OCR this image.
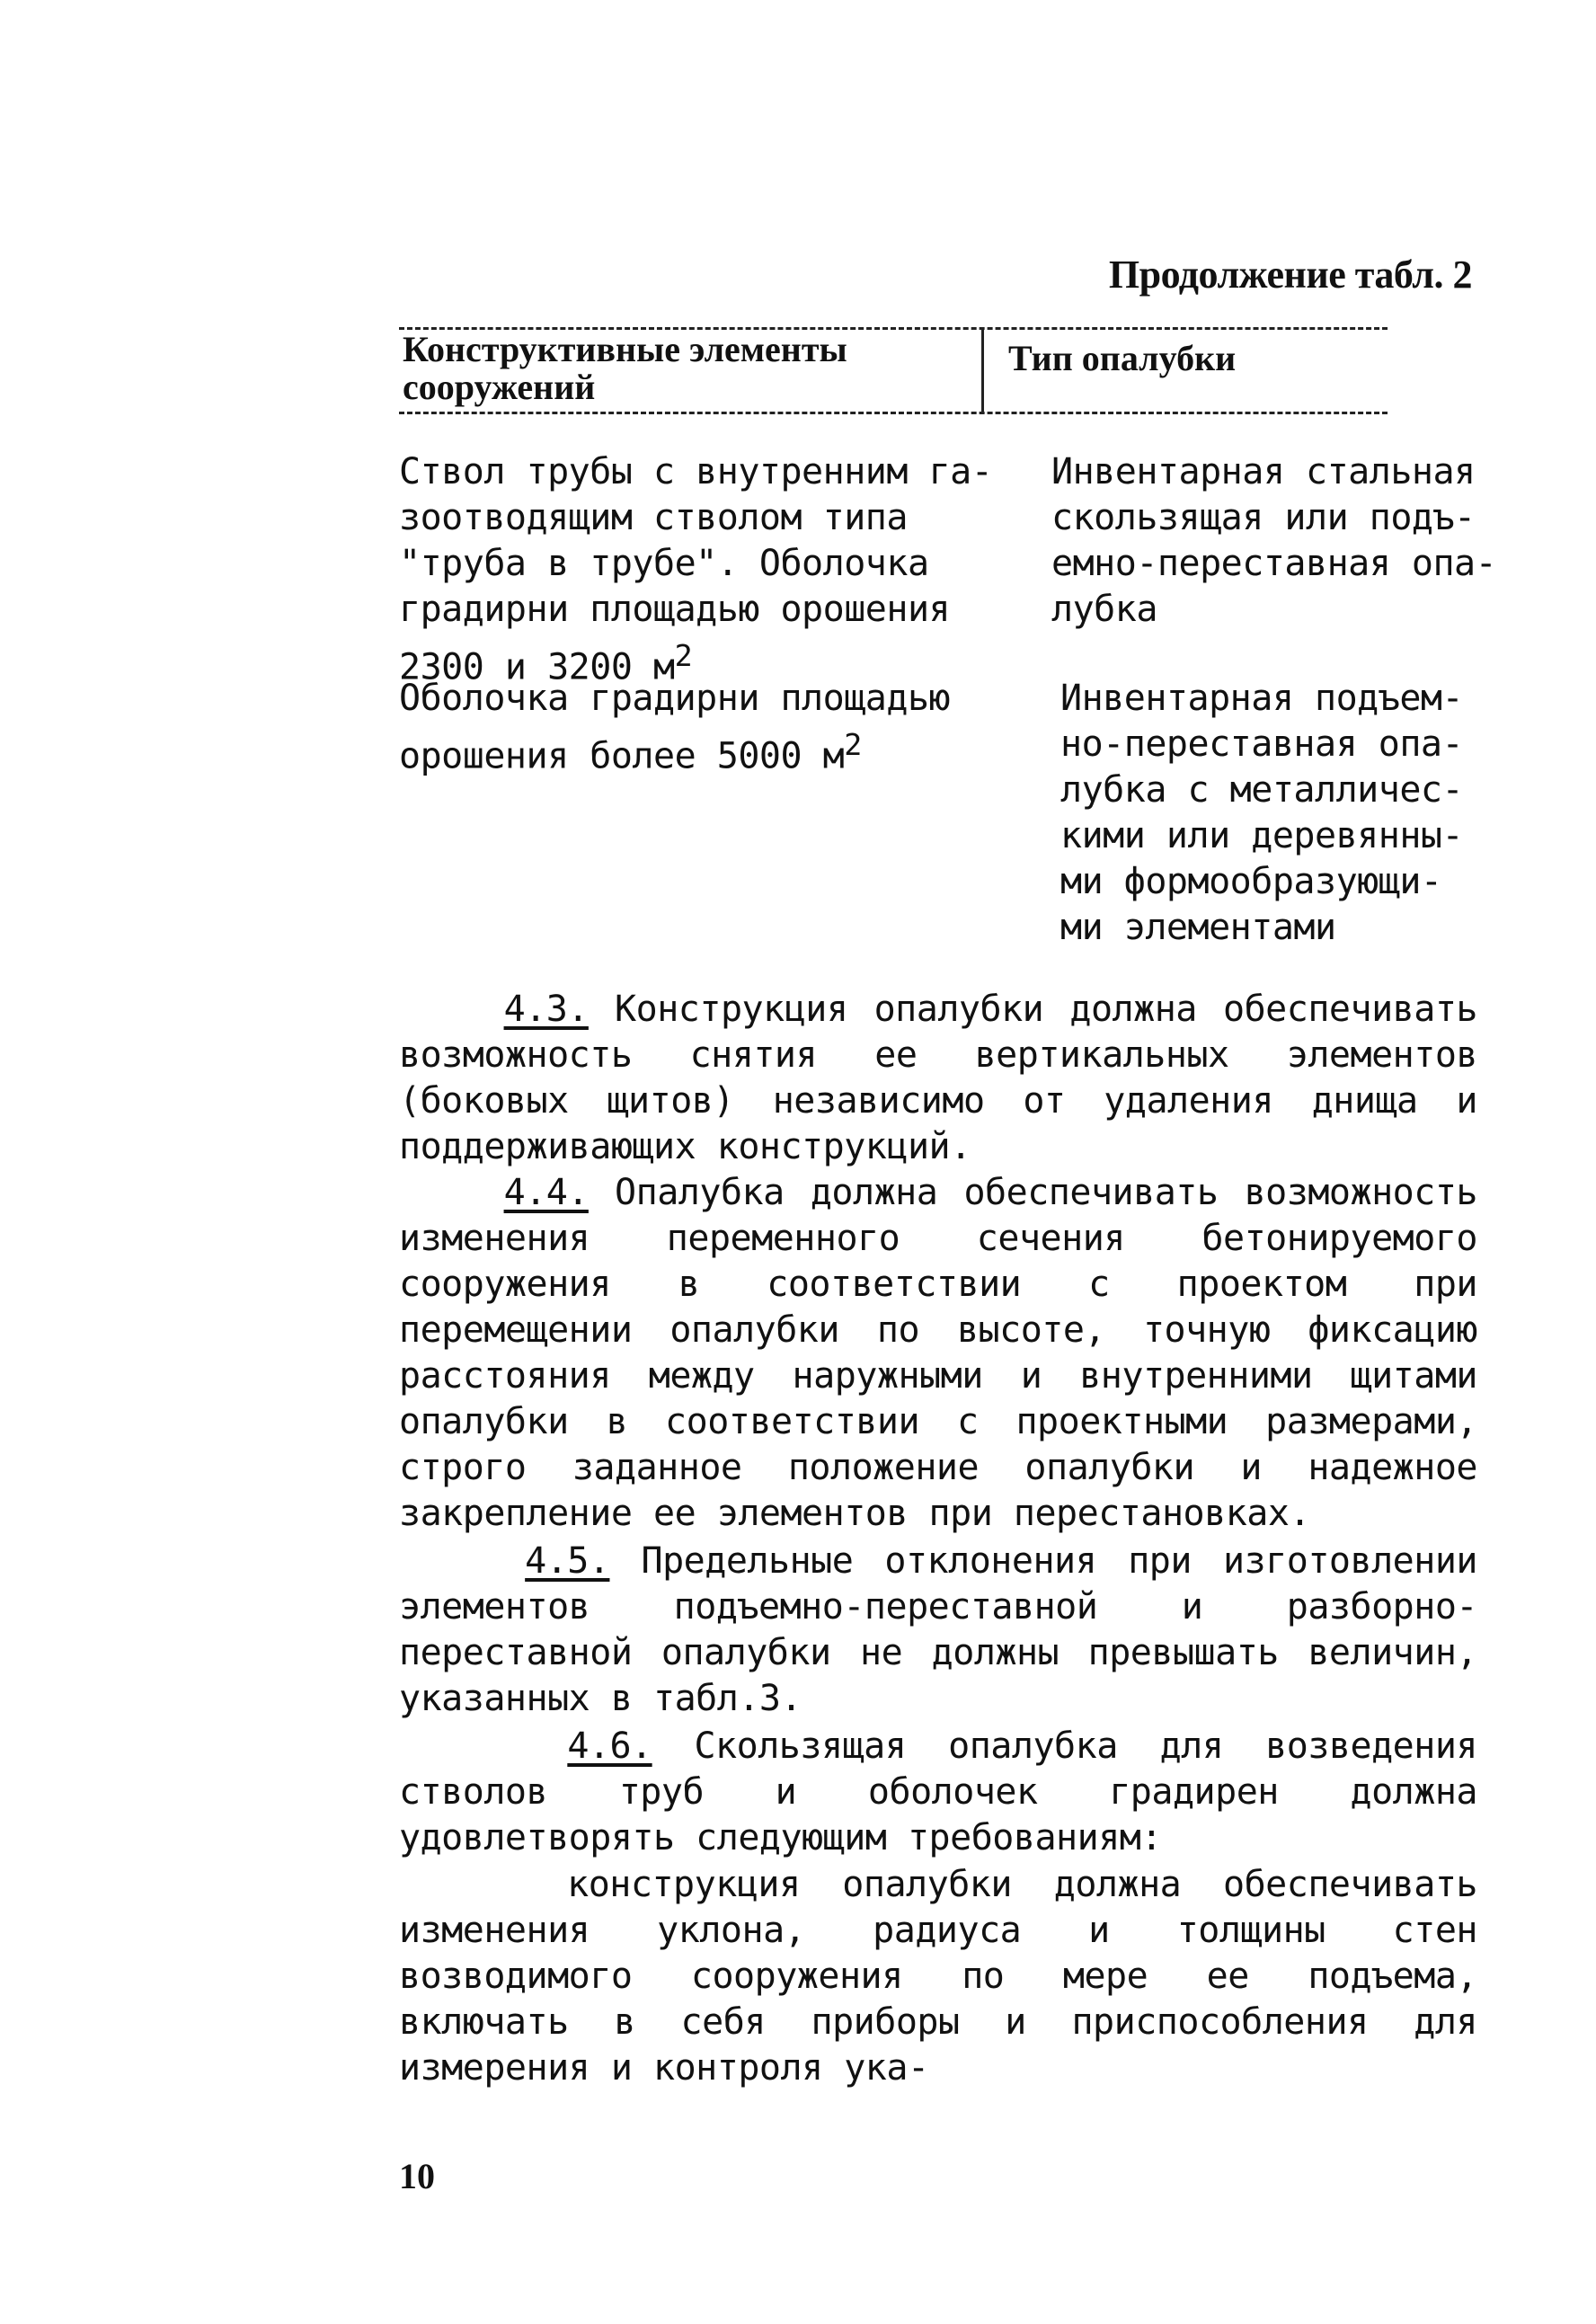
Продолжение табл. 2
Конструктивные элементы сооружений
Тип опалубки
Ствол трубы с внутренним га-
зоотводящим стволом типа
"труба в трубе". Оболочка
градирни площадью орошения
2300 и 3200 $м^2$
Инвентарная стальная
скользящая или подъ-
емно-переставная опа-
лубка
Оболочка градирни площадью
орошения более 5000 $м^2$
Инвентарная подъем-
но-переставная опа-
лубка с металличес-
кими или деревянны-
ми формообразующи-
ми элементами

4.3. Конструкция опалубки должна обеспечивать возможность снятия ее вертикальных элементов (боковых щитов) независимо от удаления днища и поддерживающих конструкций.

4.4. Опалубка должна обеспечивать возможность изменения переменного сечения бетонируемого сооружения в соответствии с проектом при перемещении опалубки по высоте, точную фиксацию расстояния между наружными и внутренними щитами опалубки в соответствии с проектными размерами, строго заданное положение опалубки и надежное закрепление ее элементов при перестановках.

4.5. Предельные отклонения при изготовлении элементов подъемно-переставной и разборно-переставной опалубки не должны превышать величин, указанных в табл.3.

4.6. Скользящая опалубка для возведения стволов труб и оболочек градирен должна удовлетворять следующим требованиям:

конструкция опалубки должна обеспечивать изменения уклона, радиуса и толщины стен возводимого сооружения по мере ее подъема, включать в себя приборы и приспособления для измерения и контроля ука-

10
